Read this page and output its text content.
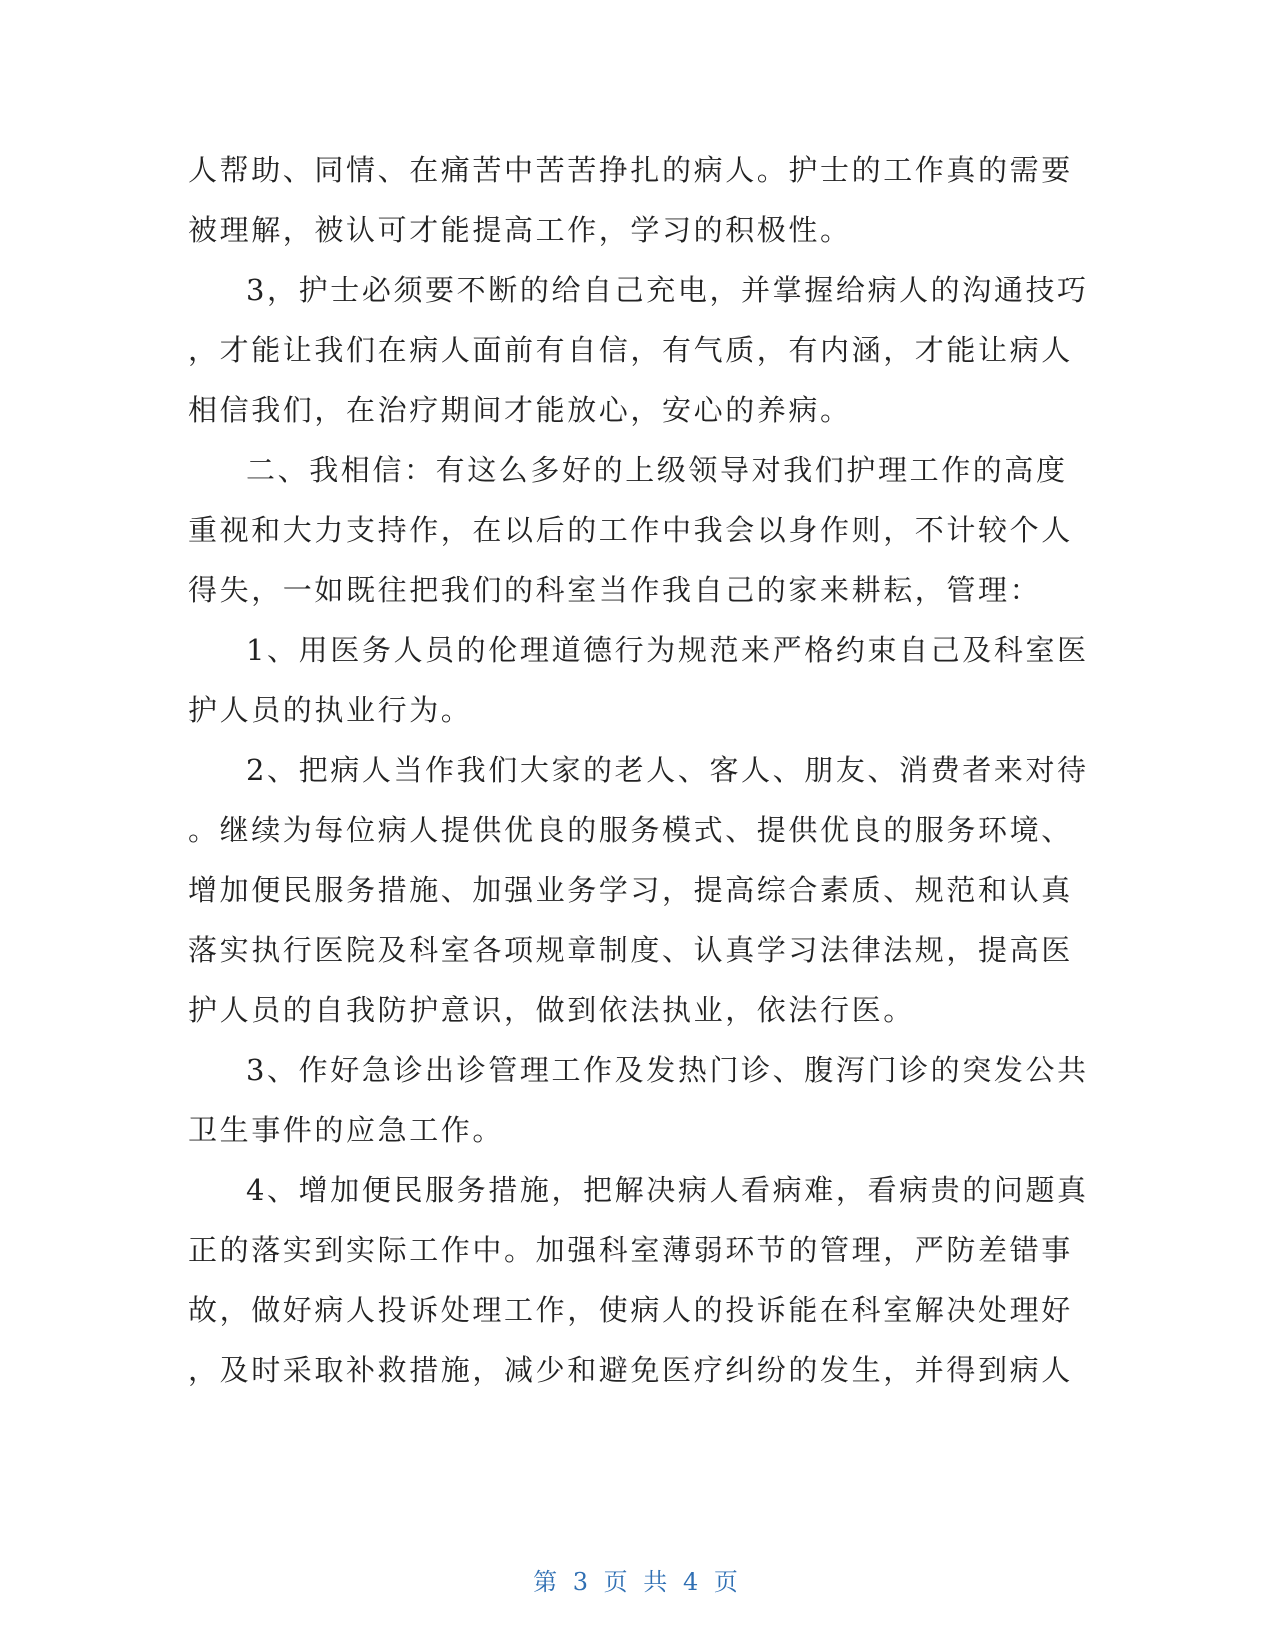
人帮助、同情、在痛苦中苦苦挣扎的病人。护士的工作真的需要
被理解，被认可才能提高工作，学习的积极性。
3，护士必须要不断的给自己充电，并掌握给病人的沟通技巧
，才能让我们在病人面前有自信，有气质，有内涵，才能让病人
相信我们，在治疗期间才能放心，安心的养病。
二、我相信：有这么多好的上级领导对我们护理工作的高度
重视和大力支持作，在以后的工作中我会以身作则，不计较个人
得失，一如既往把我们的科室当作我自己的家来耕耘，管理：
1、用医务人员的伦理道德行为规范来严格约束自己及科室医
护人员的执业行为。
2、把病人当作我们大家的老人、客人、朋友、消费者来对待
。继续为每位病人提供优良的服务模式、提供优良的服务环境、
增加便民服务措施、加强业务学习，提高综合素质、规范和认真
落实执行医院及科室各项规章制度、认真学习法律法规，提高医
护人员的自我防护意识，做到依法执业，依法行医。
3、作好急诊出诊管理工作及发热门诊、腹泻门诊的突发公共
卫生事件的应急工作。
4、增加便民服务措施，把解决病人看病难，看病贵的问题真
正的落实到实际工作中。加强科室薄弱环节的管理，严防差错事
故，做好病人投诉处理工作，使病人的投诉能在科室解决处理好
，及时采取补救措施，减少和避免医疗纠纷的发生，并得到病人
第 3 页 共 4 页
